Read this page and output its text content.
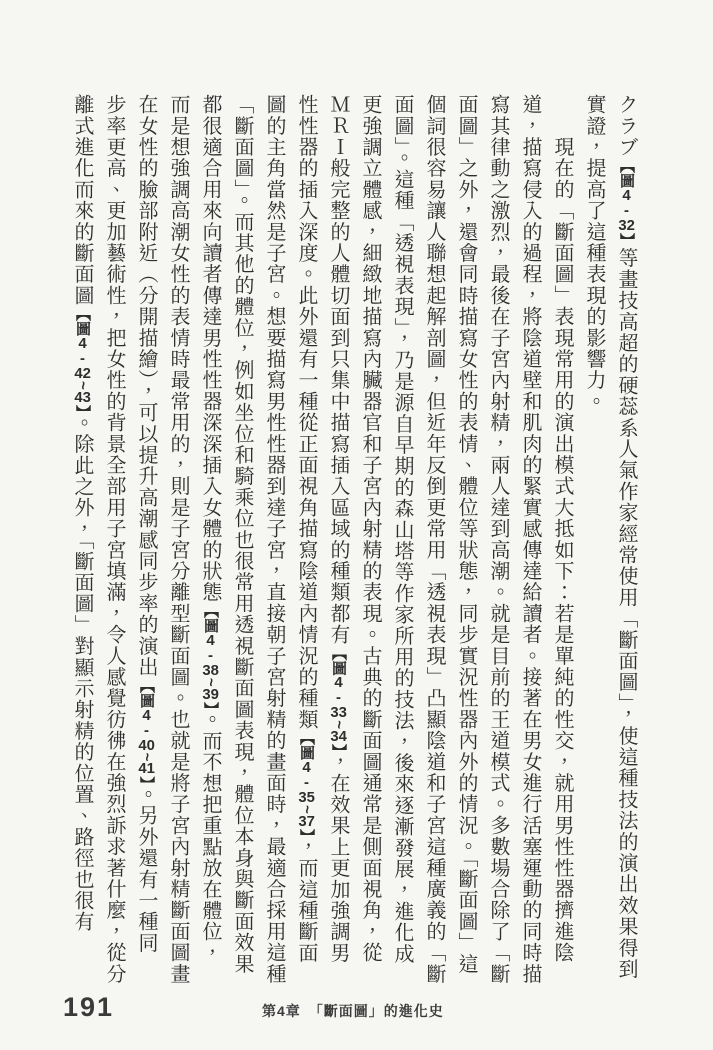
クラブ【圖4-32】等畫技高超的硬蕊系人氣作家經常使用「斷面圖」，使這種技法的演出效果得到
實證，提高了這種表現的影響力。
　　現在的「斷面圖」表現常用的演出模式大抵如下：若是單純的性交，就用男性性器擠進陰
道，描寫侵入的過程，將陰道壁和肌肉的緊實感傳達給讀者。接著在男女進行活塞運動的同時描
寫其律動之激烈，最後在子宮內射精，兩人達到高潮。就是目前的王道模式。多數場合除了「斷
面圖」之外，還會同時描寫女性的表情、體位等狀態，同步實況性器內外的情況。「斷面圖」這
個詞很容易讓人聯想起解剖圖，但近年反倒更常用「透視表現」凸顯陰道和子宮這種廣義的「斷
面圖」。這種「透視表現」，乃是源自早期的森山塔等作家所用的技法，後來逐漸發展，進化成
更強調立體感，細緻地描寫內臟器官和子宮內射精的表現。古典的斷面圖通常是側面視角，從
ＭＲＩ般完整的人體切面到只集中描寫插入區域的種類都有【圖4-33~34】，在效果上更加強調男
性性器的插入深度。此外還有一種從正面視角描寫陰道內情況的種類【圖4-35~37】，而這種斷面
圖的主角當然是子宮。想要描寫男性性器到達子宮，直接朝子宮射精的畫面時，最適合採用這種
「斷面圖」。而其他的體位，例如坐位和騎乘位也很常用透視斷面圖表現，體位本身與斷面效果
都很適合用來向讀者傳達男性性器深深插入女體的狀態【圖4-38~39】。而不想把重點放在體位，
而是想強調高潮女性的表情時最常用的，則是子宮分離型斷面圖。也就是將子宮內射精斷面圖畫
在女性的臉部附近（分開描繪），可以提升高潮感同步率的演出【圖4-40~41】。另外還有一種同
步率更高、更加藝術性，把女性的背景全部用子宮填滿，令人感覺彷彿在強烈訴求著什麼，從分
離式進化而來的斷面圖【圖4-42~43】。除此之外，「斷面圖」對顯示射精的位置、路徑也很有
191	第4章　「斷面圖」的進化史
